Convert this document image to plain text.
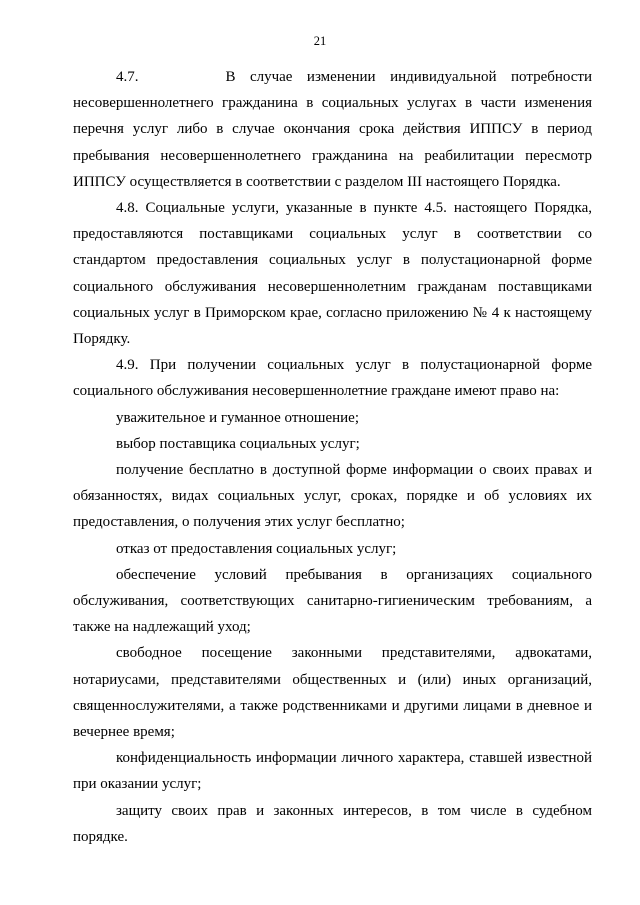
21

4.7.      В случае изменении индивидуальной потребности несовершеннолетнего гражданина в социальных услугах в части изменения перечня услуг либо в случае окончания срока действия ИППСУ в период пребывания несовершеннолетнего гражданина на реабилитации пересмотр ИППСУ осуществляется в соответствии с разделом III настоящего Порядка.

4.8. Социальные услуги, указанные в пункте 4.5. настоящего Порядка, предоставляются поставщиками социальных услуг в соответствии со стандартом предоставления социальных услуг в полустационарной форме социального обслуживания несовершеннолетним гражданам поставщиками социальных услуг в Приморском крае, согласно приложению № 4 к настоящему Порядку.

4.9. При получении социальных услуг в полустационарной форме социального обслуживания несовершеннолетние граждане имеют право на:

уважительное и гуманное отношение;

выбор поставщика социальных услуг;

получение бесплатно в доступной форме информации о своих правах и обязанностях, видах социальных услуг, сроках, порядке и об условиях их предоставления, о получения этих услуг бесплатно;

отказ от предоставления социальных услуг;

обеспечение условий пребывания в организациях социального обслуживания, соответствующих санитарно-гигиеническим требованиям, а также на надлежащий уход;

свободное посещение законными представителями, адвокатами, нотариусами, представителями общественных и (или) иных организаций, священнослужителями, а также родственниками и другими лицами в дневное и вечернее время;

конфиденциальность информации личного характера, ставшей известной при оказании услуг;

защиту своих прав и законных интересов, в том числе в судебном порядке.
